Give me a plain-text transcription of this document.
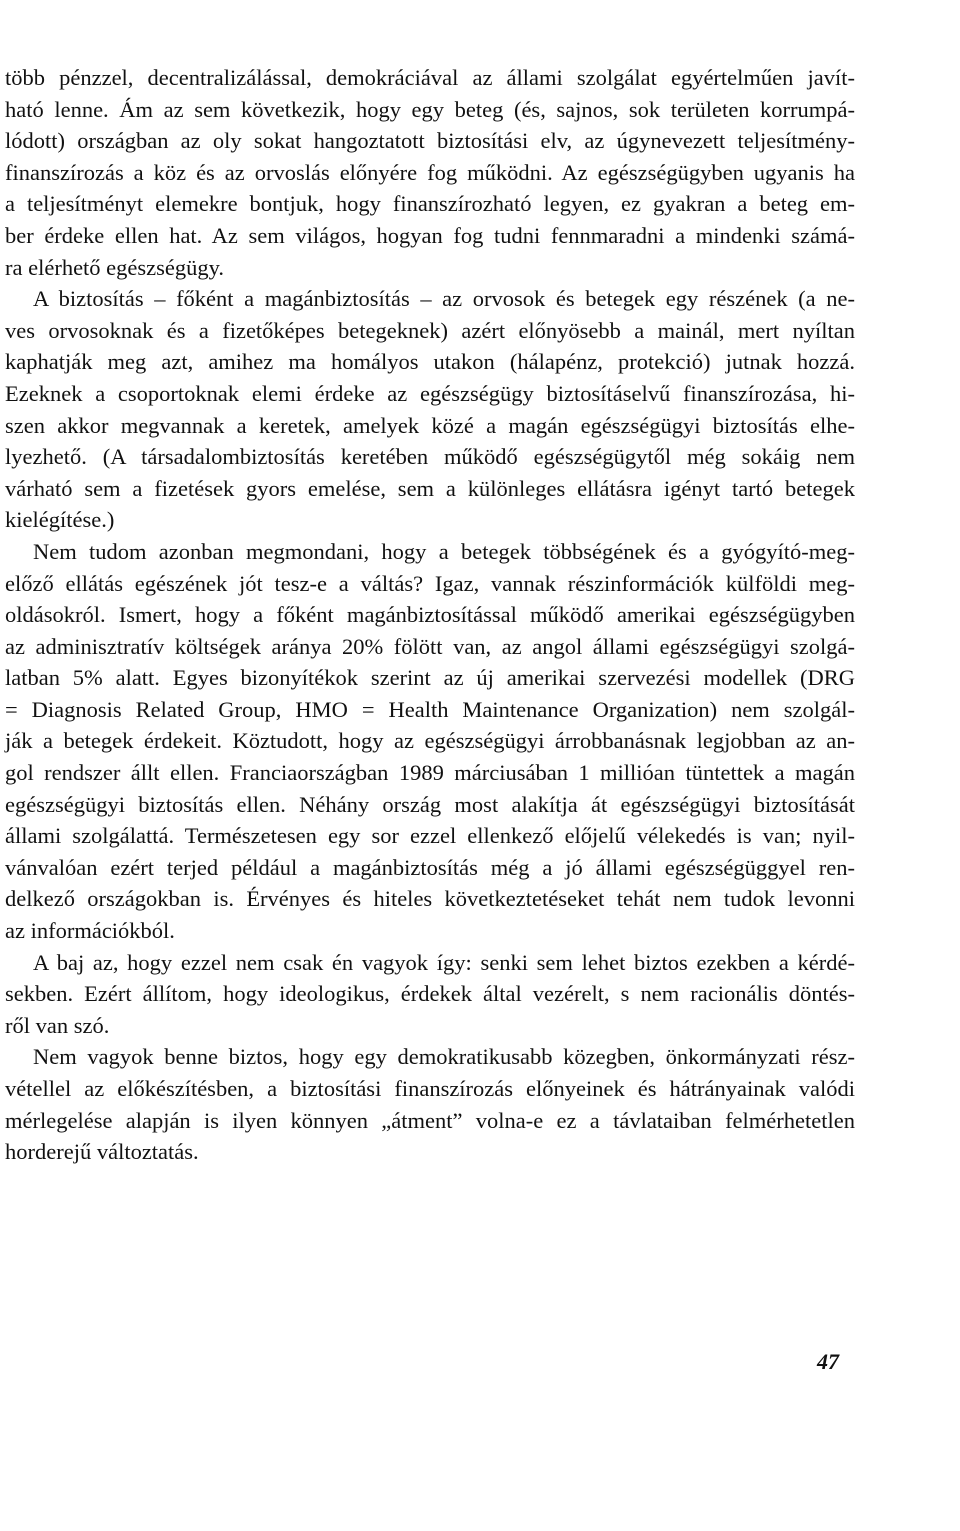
több pénzzel, decentralizálással, demokráciával az állami szolgálat egyértelműen javít-
ható lenne. Ám az sem következik, hogy egy beteg (és, sajnos, sok területen korrumpá-
lódott) országban az oly sokat hangoztatott biztosítási elv, az úgynevezett teljesítmény-
finanszírozás a köz és az orvoslás előnyére fog működni. Az egészségügyben ugyanis ha
a teljesítményt elemekre bontjuk, hogy finanszírozható legyen, ez gyakran a beteg em-
ber érdeke ellen hat. Az sem világos, hogyan fog tudni fennmaradni a mindenki számá-
ra elérhető egészségügy.
A biztosítás – főként a magánbiztosítás – az orvosok és betegek egy részének (a ne-
ves orvosoknak és a fizetőképes betegeknek) azért előnyösebb a mainál, mert nyíltan
kaphatják meg azt, amihez ma homályos utakon (hálapénz, protekció) jutnak hozzá.
Ezeknek a csoportoknak elemi érdeke az egészségügy biztosításelvű finanszírozása, hi-
szen akkor megvannak a keretek, amelyek közé a magán egészségügyi biztosítás elhe-
lyezhető. (A társadalombiztosítás keretében működő egészségügytől még sokáig nem
várható sem a fizetések gyors emelése, sem a különleges ellátásra igényt tartó betegek
kielégítése.)
Nem tudom azonban megmondani, hogy a betegek többségének és a gyógyító-meg-
előző ellátás egészének jót tesz-e a váltás? Igaz, vannak részinformációk külföldi meg-
oldásokról. Ismert, hogy a főként magánbiztosítással működő amerikai egészségügyben
az adminisztratív költségek aránya 20% fölött van, az angol állami egészségügyi szolgá-
latban 5% alatt. Egyes bizonyítékok szerint az új amerikai szervezési modellek (DRG
= Diagnosis Related Group, HMO = Health Maintenance Organization) nem szolgál-
ják a betegek érdekeit. Köztudott, hogy az egészségügyi árrobbanásnak legjobban az an-
gol rendszer állt ellen. Franciaországban 1989 márciusában 1 millióan tüntettek a magán
egészségügyi biztosítás ellen. Néhány ország most alakítja át egészségügyi biztosítását
állami szolgálattá. Természetesen egy sor ezzel ellenkező előjelű vélekedés is van; nyil-
vánvalóan ezért terjed például a magánbiztosítás még a jó állami egészségüggyel ren-
delkező országokban is. Érvényes és hiteles következtetéseket tehát nem tudok levonni
az információkból.
A baj az, hogy ezzel nem csak én vagyok így: senki sem lehet biztos ezekben a kérdé-
sekben. Ezért állítom, hogy ideologikus, érdekek által vezérelt, s nem racionális döntés-
ről van szó.
Nem vagyok benne biztos, hogy egy demokratikusabb közegben, önkormányzati rész-
vétellel az előkészítésben, a biztosítási finanszírozás előnyeinek és hátrányainak valódi
mérlegelése alapján is ilyen könnyen „átment” volna-e ez a távlataiban felmérhetetlen
horderejű változtatás.
47
